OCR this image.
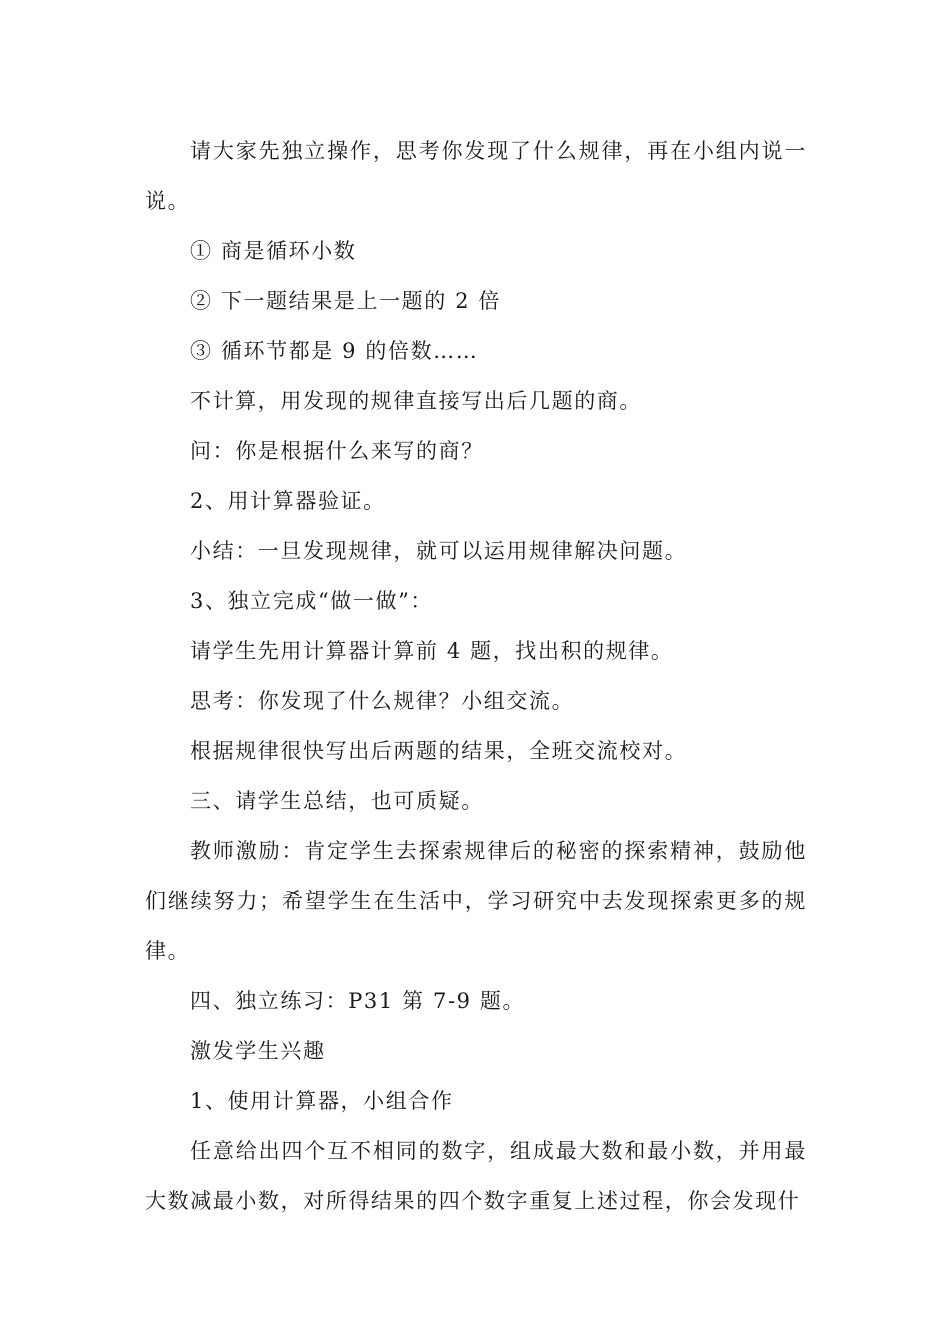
请大家先独立操作，思考你发现了什么规律，再在小组内说一说。

① 商是循环小数

② 下一题结果是上一题的 2 倍

③ 循环节都是 9 的倍数……

不计算，用发现的规律直接写出后几题的商。

问：你是根据什么来写的商？

2、用计算器验证。

小结：一旦发现规律，就可以运用规律解决问题。

3、独立完成“做一做”：

请学生先用计算器计算前 4 题，找出积的规律。

思考：你发现了什么规律？小组交流。

根据规律很快写出后两题的结果，全班交流校对。

三、请学生总结，也可质疑。

教师激励：肯定学生去探索规律后的秘密的探索精神，鼓励他们继续努力；希望学生在生活中，学习研究中去发现探索更多的规律。

四、独立练习：P31 第 7-9 题。

激发学生兴趣

1、使用计算器，小组合作

任意给出四个互不相同的数字，组成最大数和最小数，并用最大数减最小数，对所得结果的四个数字重复上述过程，你会发现什
